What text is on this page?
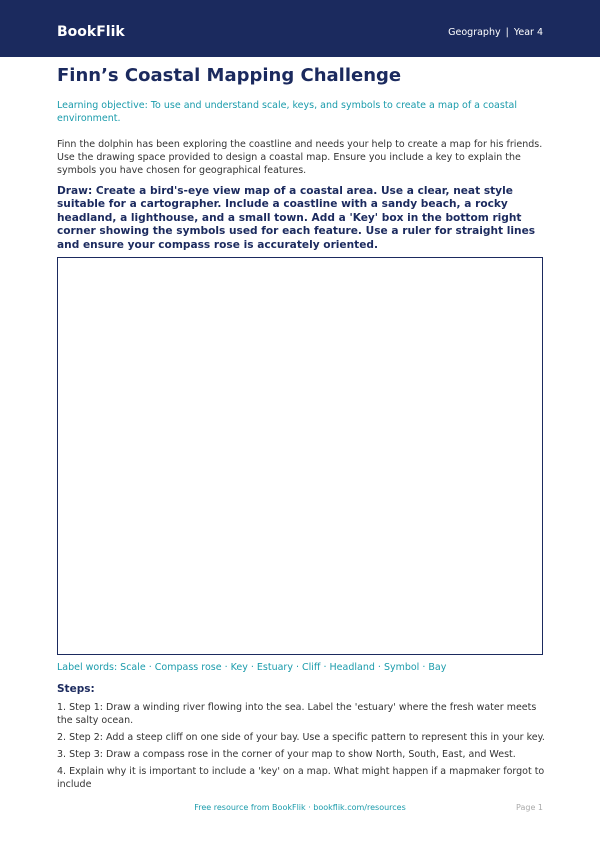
BookFlik	Geography | Year 4
Finn’s Coastal Mapping Challenge
Learning objective: To use and understand scale, keys, and symbols to create a map of a coastal environment.
Finn the dolphin has been exploring the coastline and needs your help to create a map for his friends. Use the drawing space provided to design a coastal map. Ensure you include a key to explain the symbols you have chosen for geographical features.
Draw: Create a bird's-eye view map of a coastal area. Use a clear, neat style suitable for a cartographer. Include a coastline with a sandy beach, a rocky headland, a lighthouse, and a small town. Add a 'Key' box in the bottom right corner showing the symbols used for each feature. Use a ruler for straight lines and ensure your compass rose is accurately oriented.
Label words: Scale · Compass rose · Key · Estuary · Cliff · Headland · Symbol · Bay
Steps:
1. Step 1: Draw a winding river flowing into the sea. Label the 'estuary' where the fresh water meets the salty ocean.
2. Step 2: Add a steep cliff on one side of your bay. Use a specific pattern to represent this in your key.
3. Step 3: Draw a compass rose in the corner of your map to show North, South, East, and West.
4. Explain why it is important to include a 'key' on a map. What might happen if a mapmaker forgot to include
Free resource from BookFlik · bookflik.com/resources	Page 1
